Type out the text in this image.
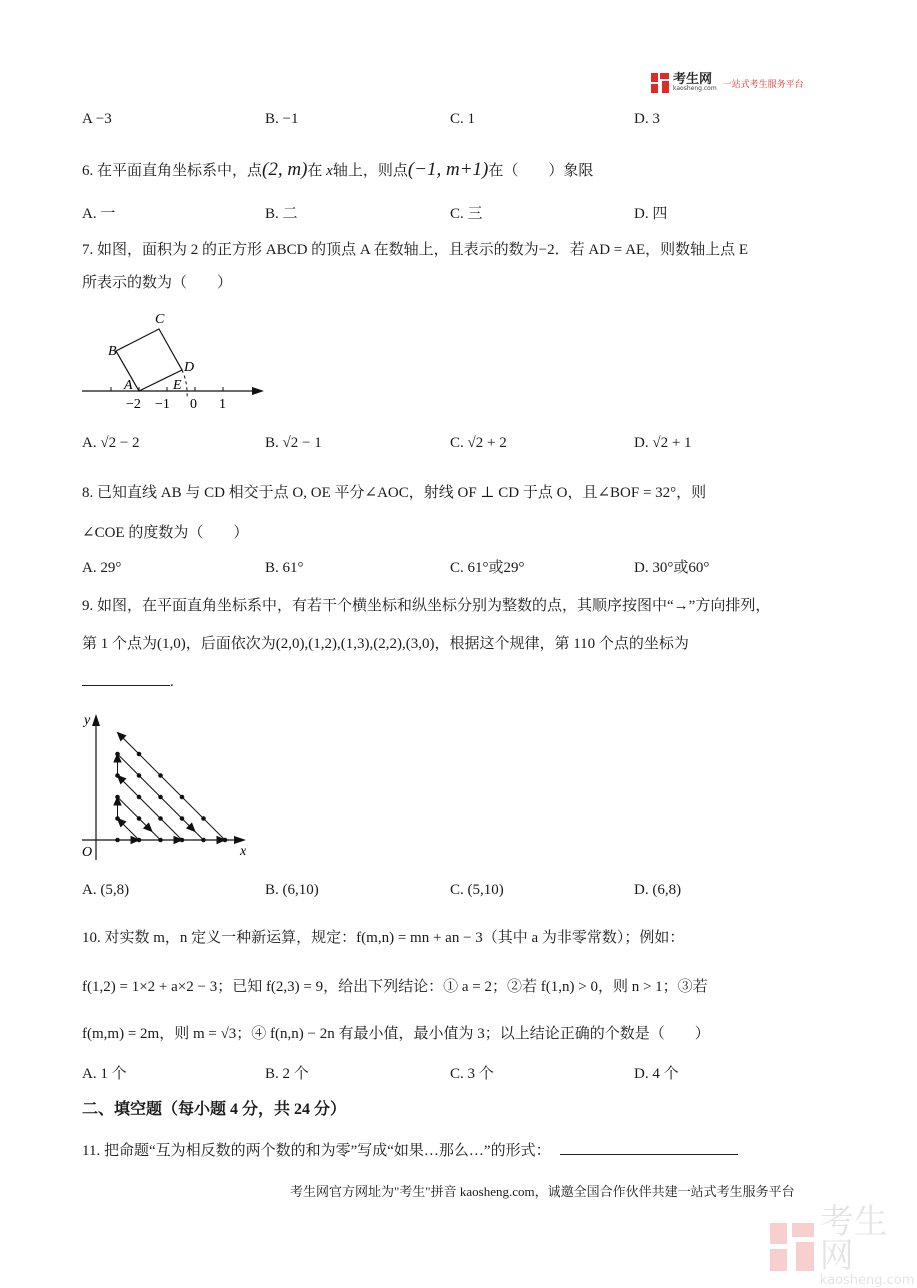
考生网
kaosheng.com 一站式考生服务平台
A −3	B. −1	C. 1	D. 3
6. 在平面直角坐标系中，点(2, m)在 x轴上，则点(−1, m+1)在（　　）象限
A. 一	B. 二	C. 三	D. 四
7. 如图，面积为 2 的正方形 ABCD 的顶点 A 在数轴上，且表示的数为−2．若 AD = AE，则数轴上点 E
所表示的数为（　　）
B
C
D
A	E
−2 −1 0 1
A. √2 − 2	B. √2 − 1	C. √2 + 2	D. √2 + 1
8. 已知直线 AB 与 CD 相交于点 O, OE 平分∠AOC，射线 OF ⊥ CD 于点 O，且∠BOF = 32°，则
∠COE 的度数为（　　）
A. 29°	B. 61°	C. 61°或29°	D. 30°或60°
9. 如图，在平面直角坐标系中，有若干个横坐标和纵坐标分别为整数的点，其顺序按图中“→”方向排列，
第 1 个点为(1,0)，后面依次为(2,0),(1,2),(1,3),(2,2),(3,0)，根据这个规律，第 110 个点的坐标为
.
y
x
O
A. (5,8)	B. (6,10)	C. (5,10)	D. (6,8)
10. 对实数 m，n 定义一种新运算，规定：f(m,n) = mn + an − 3（其中 a 为非零常数）；例如：
f(1,2) = 1×2 + a×2 − 3；已知 f(2,3) = 9，给出下列结论：① a = 2；②若 f(1,n) > 0，则 n > 1；③若
f(m,m) = 2m，则 m = √3；④ f(n,n) − 2n 有最小值，最小值为 3；以上结论正确的个数是（　　）
A. 1 个	B. 2 个	C. 3 个	D. 4 个
二、填空题（每小题 4 分，共 24 分）
11. 把命题“互为相反数的两个数的和为零”写成“如果…那么…”的形式：
考生网官方网址为"考生"拼音 kaosheng.com，诚邀全国合作伙伴共建一站式考生服务平台
考生网
kaosheng.com
